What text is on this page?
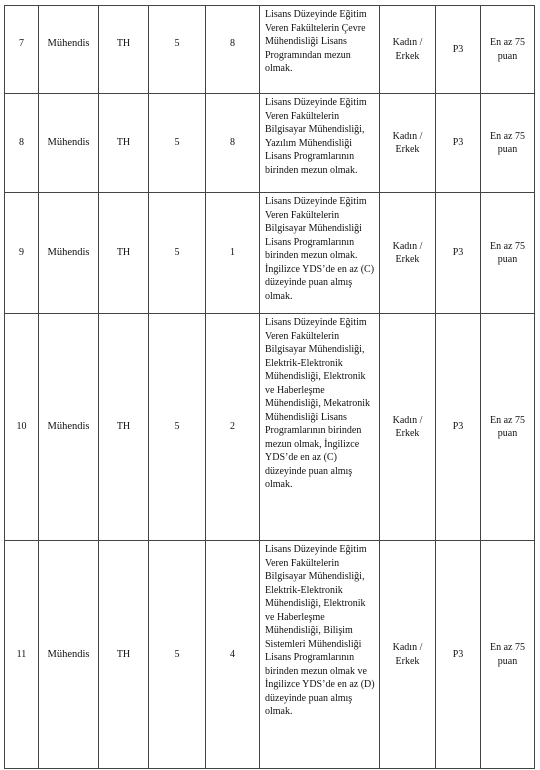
7	Mühendis	TH	5	8	Lisans Düzeyinde Eğitim Veren Fakültelerin Çevre Mühendisliği Lisans Programından mezun olmak.	Kadın / Erkek	P3	En az 75 puan
8	Mühendis	TH	5	8	Lisans Düzeyinde Eğitim Veren Fakültelerin Bilgisayar Mühendisliği, Yazılım Mühendisliği Lisans Programlarının birinden mezun olmak.	Kadın / Erkek	P3	En az 75 puan
9	Mühendis	TH	5	1	Lisans Düzeyinde Eğitim Veren Fakültelerin Bilgisayar Mühendisliği Lisans Programlarının birinden mezun olmak. İngilizce YDS’de en az (C) düzeyinde puan almış olmak.	Kadın / Erkek	P3	En az 75 puan
10	Mühendis	TH	5	2	Lisans Düzeyinde Eğitim Veren Fakültelerin Bilgisayar Mühendisliği, Elektrik-Elektronik Mühendisliği, Elektronik ve Haberleşme Mühendisliği, Mekatronik Mühendisliği Lisans Programlarının birinden mezun olmak, İngilizce YDS’de en az (C) düzeyinde puan almış olmak.	Kadın / Erkek	P3	En az 75 puan
11	Mühendis	TH	5	4	Lisans Düzeyinde Eğitim Veren Fakültelerin Bilgisayar Mühendisliği, Elektrik-Elektronik Mühendisliği, Elektronik ve Haberleşme Mühendisliği, Bilişim Sistemleri Mühendisliği Lisans Programlarının birinden mezun olmak ve İngilizce YDS’de en az (D) düzeyinde puan almış olmak.	Kadın / Erkek	P3	En az 75 puan
